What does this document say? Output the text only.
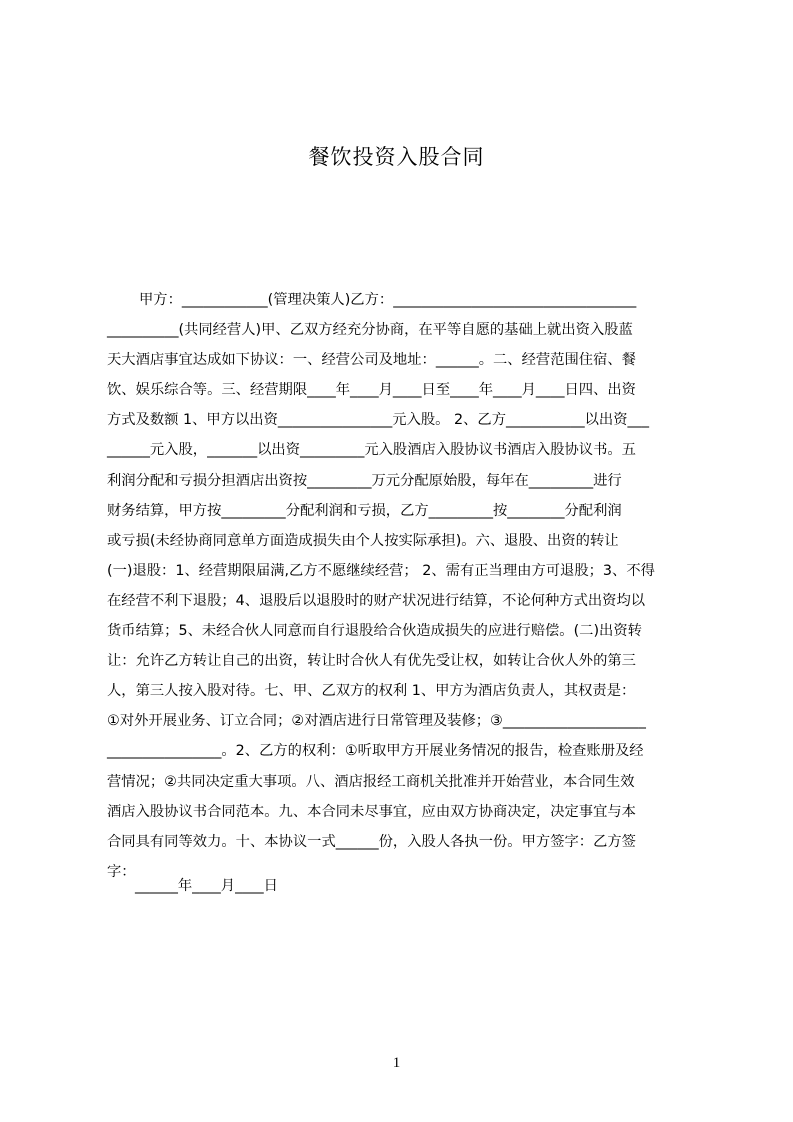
餐饮投资入股合同
甲方：____________(管理决策人)乙方：__________________________________
__________(共同经营人)甲、乙双方经充分协商，在平等自愿的基础上就出资入股蓝
天大酒店事宜达成如下协议：一、经营公司及地址：______。二、经营范围住宿、餐
饮、娱乐综合等。三、经营期限____年____月____日至____年____月____日四、出资
方式及数额 1、甲方以出资________________元入股。 2、乙方___________以出资___
______元入股，_______以出资_________元入股酒店入股协议书酒店入股协议书。五
利润分配和亏损分担酒店出资按_________万元分配原始股，每年在_________进行
财务结算，甲方按_________分配利润和亏损，乙方_________按________分配利润
或亏损(未经协商同意单方面造成损失由个人按实际承担)。六、退股、出资的转让
(一)退股：1、经营期限届满,乙方不愿继续经营； 2、需有正当理由方可退股；3、不得
在经营不利下退股；4、退股后以退股时的财产状况进行结算，不论何种方式出资均以
货币结算；5、未经合伙人同意而自行退股给合伙造成损失的应进行赔偿。(二)出资转
让：允许乙方转让自己的出资，转让时合伙人有优先受让权，如转让合伙人外的第三
人，第三人按入股对待。七、甲、乙双方的权利 1、甲方为酒店负责人，其权责是：
①对外开展业务、订立合同；②对酒店进行日常管理及装修；③____________________
________________。2、乙方的权利：①听取甲方开展业务情况的报告，检查账册及经
营情况；②共同决定重大事项。八、酒店报经工商机关批准并开始营业，本合同生效
酒店入股协议书合同范本。九、本合同未尽事宜，应由双方协商决定，决定事宜与本
合同具有同等效力。十、本协议一式______份，入股人各执一份。甲方签字：乙方签
字：
______年____月____日
1
